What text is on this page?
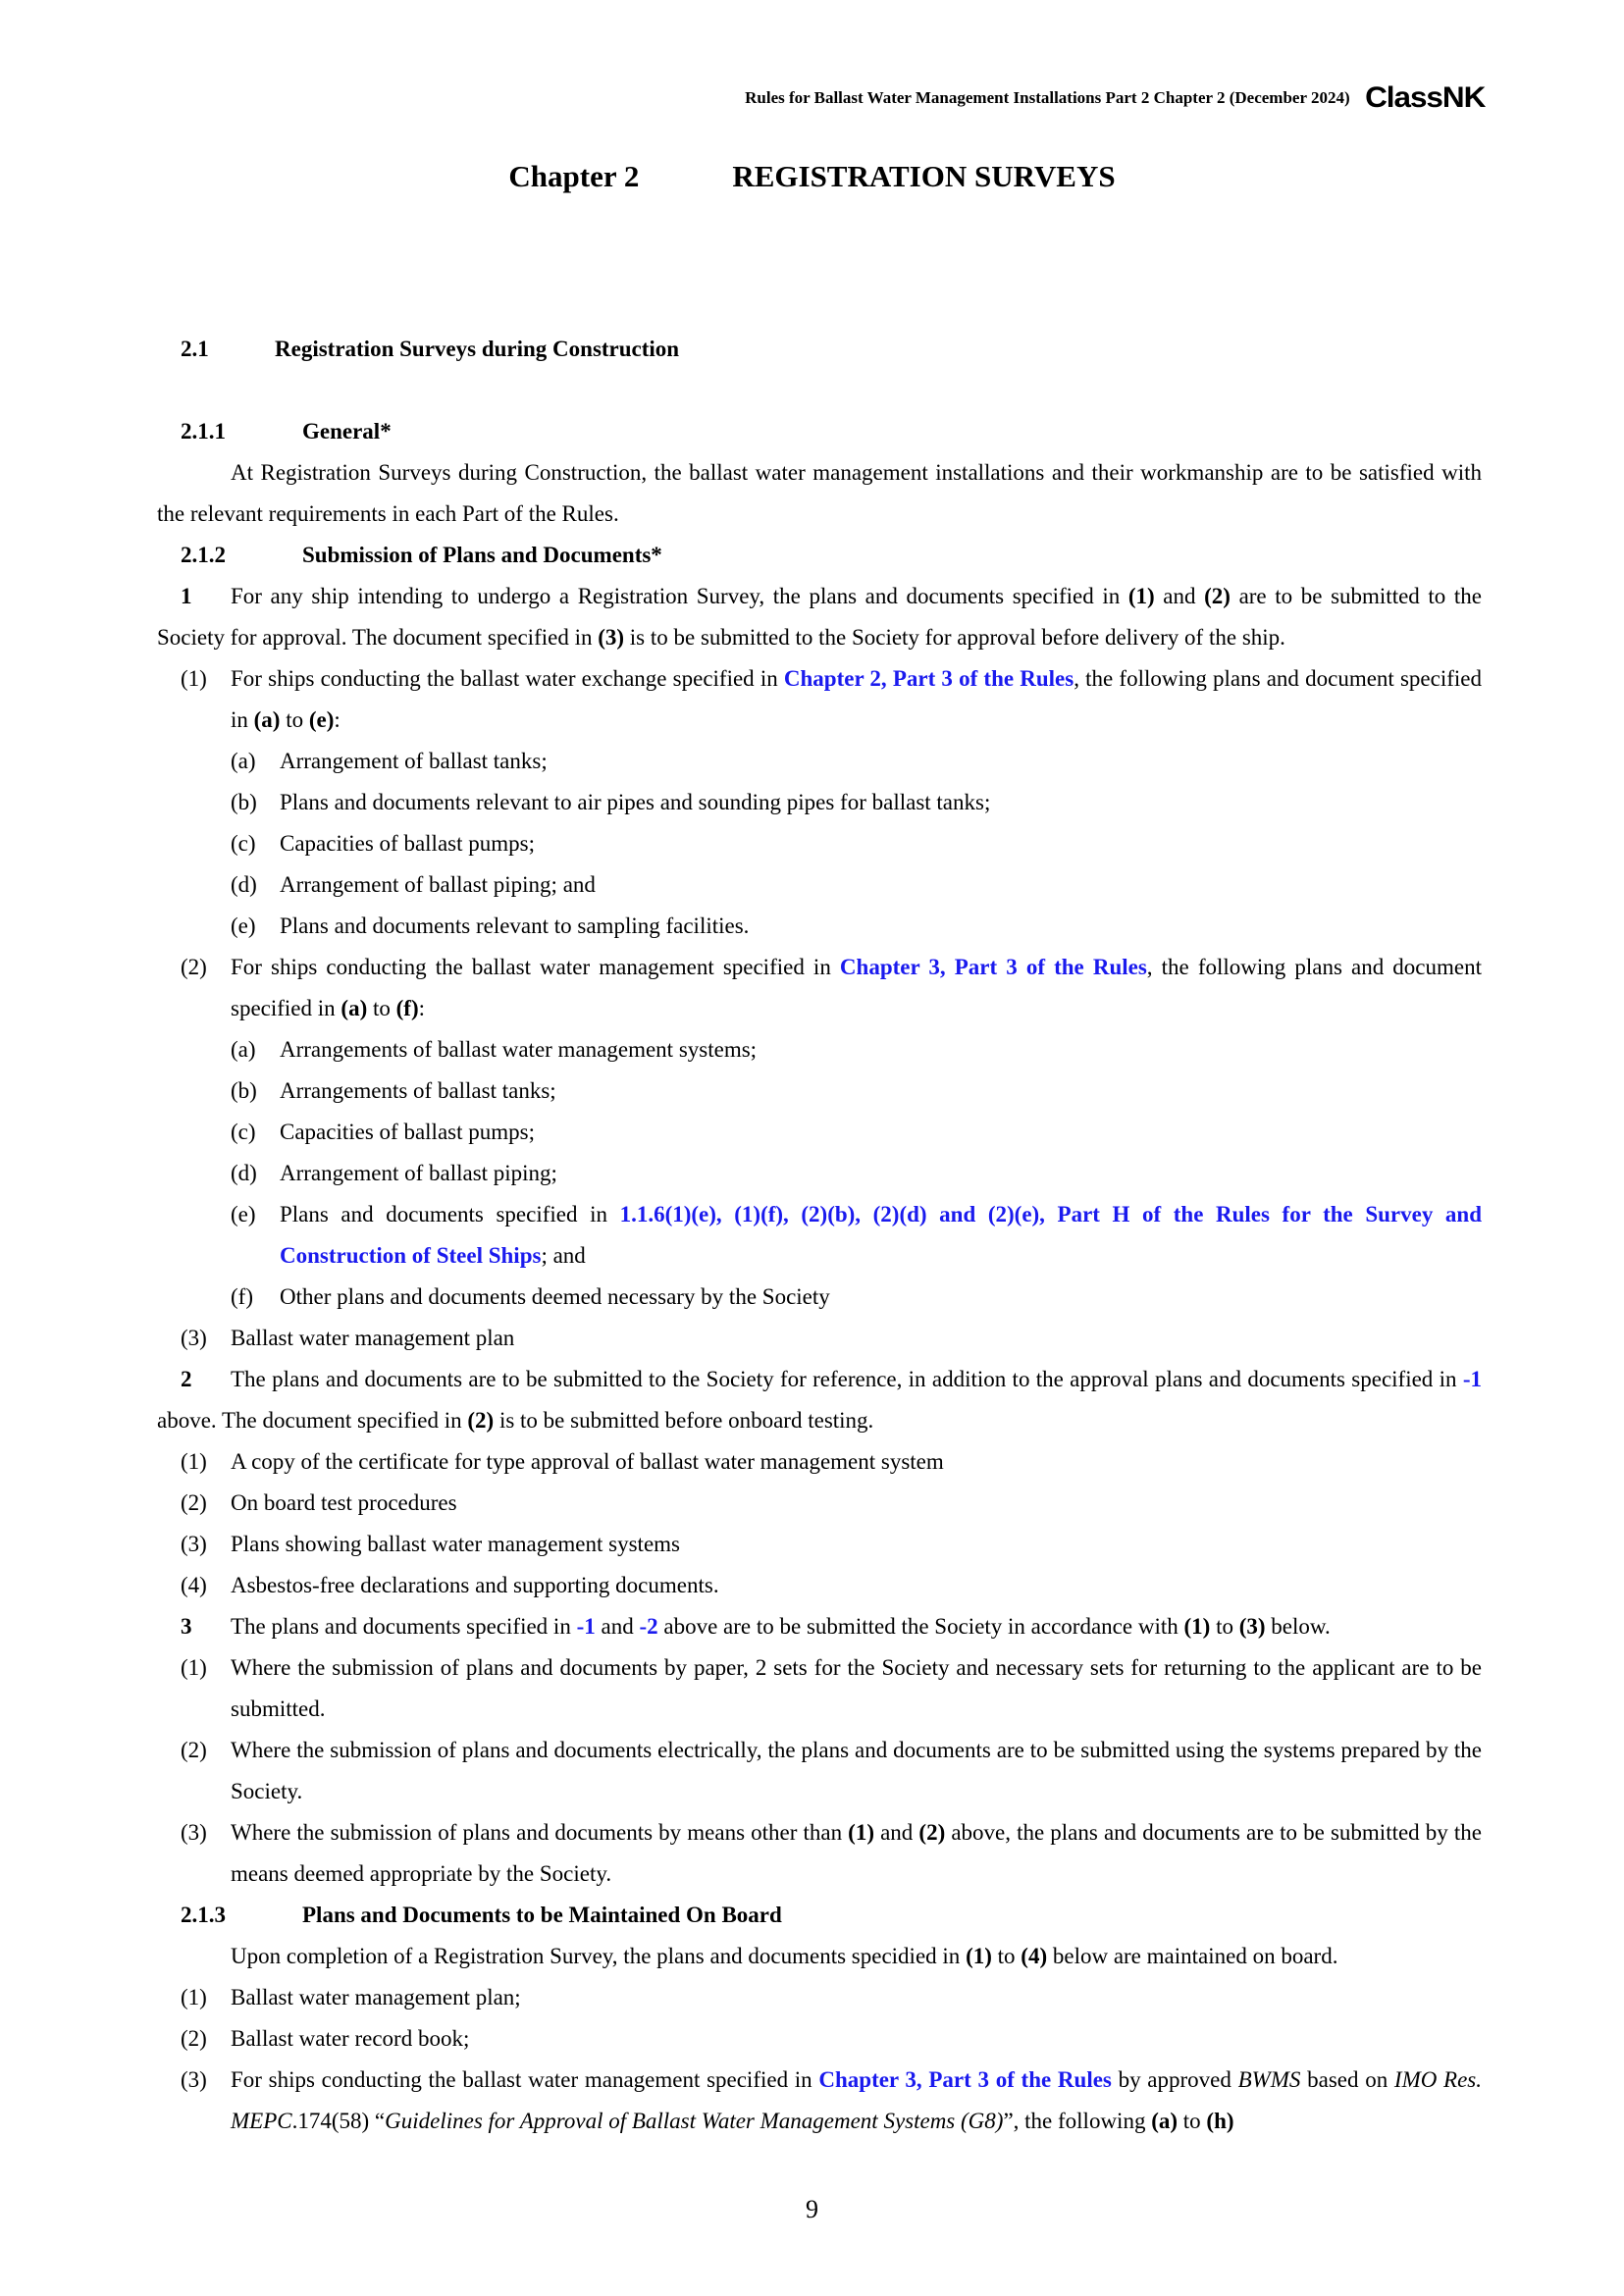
Rules for Ballast Water Management Installations Part 2 Chapter 2 (December 2024) ClassNK
Chapter 2	REGISTRATION SURVEYS
2.1	Registration Surveys during Construction
2.1.1	General*
At Registration Surveys during Construction, the ballast water management installations and their workmanship are to be satisfied with the relevant requirements in each Part of the Rules.
2.1.2	Submission of Plans and Documents*
1 For any ship intending to undergo a Registration Survey, the plans and documents specified in (1) and (2) are to be submitted to the Society for approval. The document specified in (3) is to be submitted to the Society for approval before delivery of the ship.
(1) For ships conducting the ballast water exchange specified in Chapter 2, Part 3 of the Rules, the following plans and document specified in (a) to (e):
(a) Arrangement of ballast tanks;
(b) Plans and documents relevant to air pipes and sounding pipes for ballast tanks;
(c) Capacities of ballast pumps;
(d) Arrangement of ballast piping; and
(e) Plans and documents relevant to sampling facilities.
(2) For ships conducting the ballast water management specified in Chapter 3, Part 3 of the Rules, the following plans and document specified in (a) to (f):
(a) Arrangements of ballast water management systems;
(b) Arrangements of ballast tanks;
(c) Capacities of ballast pumps;
(d) Arrangement of ballast piping;
(e) Plans and documents specified in 1.1.6(1)(e), (1)(f), (2)(b), (2)(d) and (2)(e), Part H of the Rules for the Survey and Construction of Steel Ships; and
(f) Other plans and documents deemed necessary by the Society
(3) Ballast water management plan
2 The plans and documents are to be submitted to the Society for reference, in addition to the approval plans and documents specified in -1 above. The document specified in (2) is to be submitted before onboard testing.
(1) A copy of the certificate for type approval of ballast water management system
(2) On board test procedures
(3) Plans showing ballast water management systems
(4) Asbestos-free declarations and supporting documents.
3 The plans and documents specified in -1 and -2 above are to be submitted the Society in accordance with (1) to (3) below.
(1) Where the submission of plans and documents by paper, 2 sets for the Society and necessary sets for returning to the applicant are to be submitted.
(2) Where the submission of plans and documents electrically, the plans and documents are to be submitted using the systems prepared by the Society.
(3) Where the submission of plans and documents by means other than (1) and (2) above, the plans and documents are to be submitted by the means deemed appropriate by the Society.
2.1.3	Plans and Documents to be Maintained On Board
Upon completion of a Registration Survey, the plans and documents specidied in (1) to (4) below are maintained on board.
(1) Ballast water management plan;
(2) Ballast water record book;
(3) For ships conducting the ballast water management specified in Chapter 3, Part 3 of the Rules by approved BWMS based on IMO Res. MEPC.174(58) “Guidelines for Approval of Ballast Water Management Systems (G8)”, the following (a) to (h)
9
